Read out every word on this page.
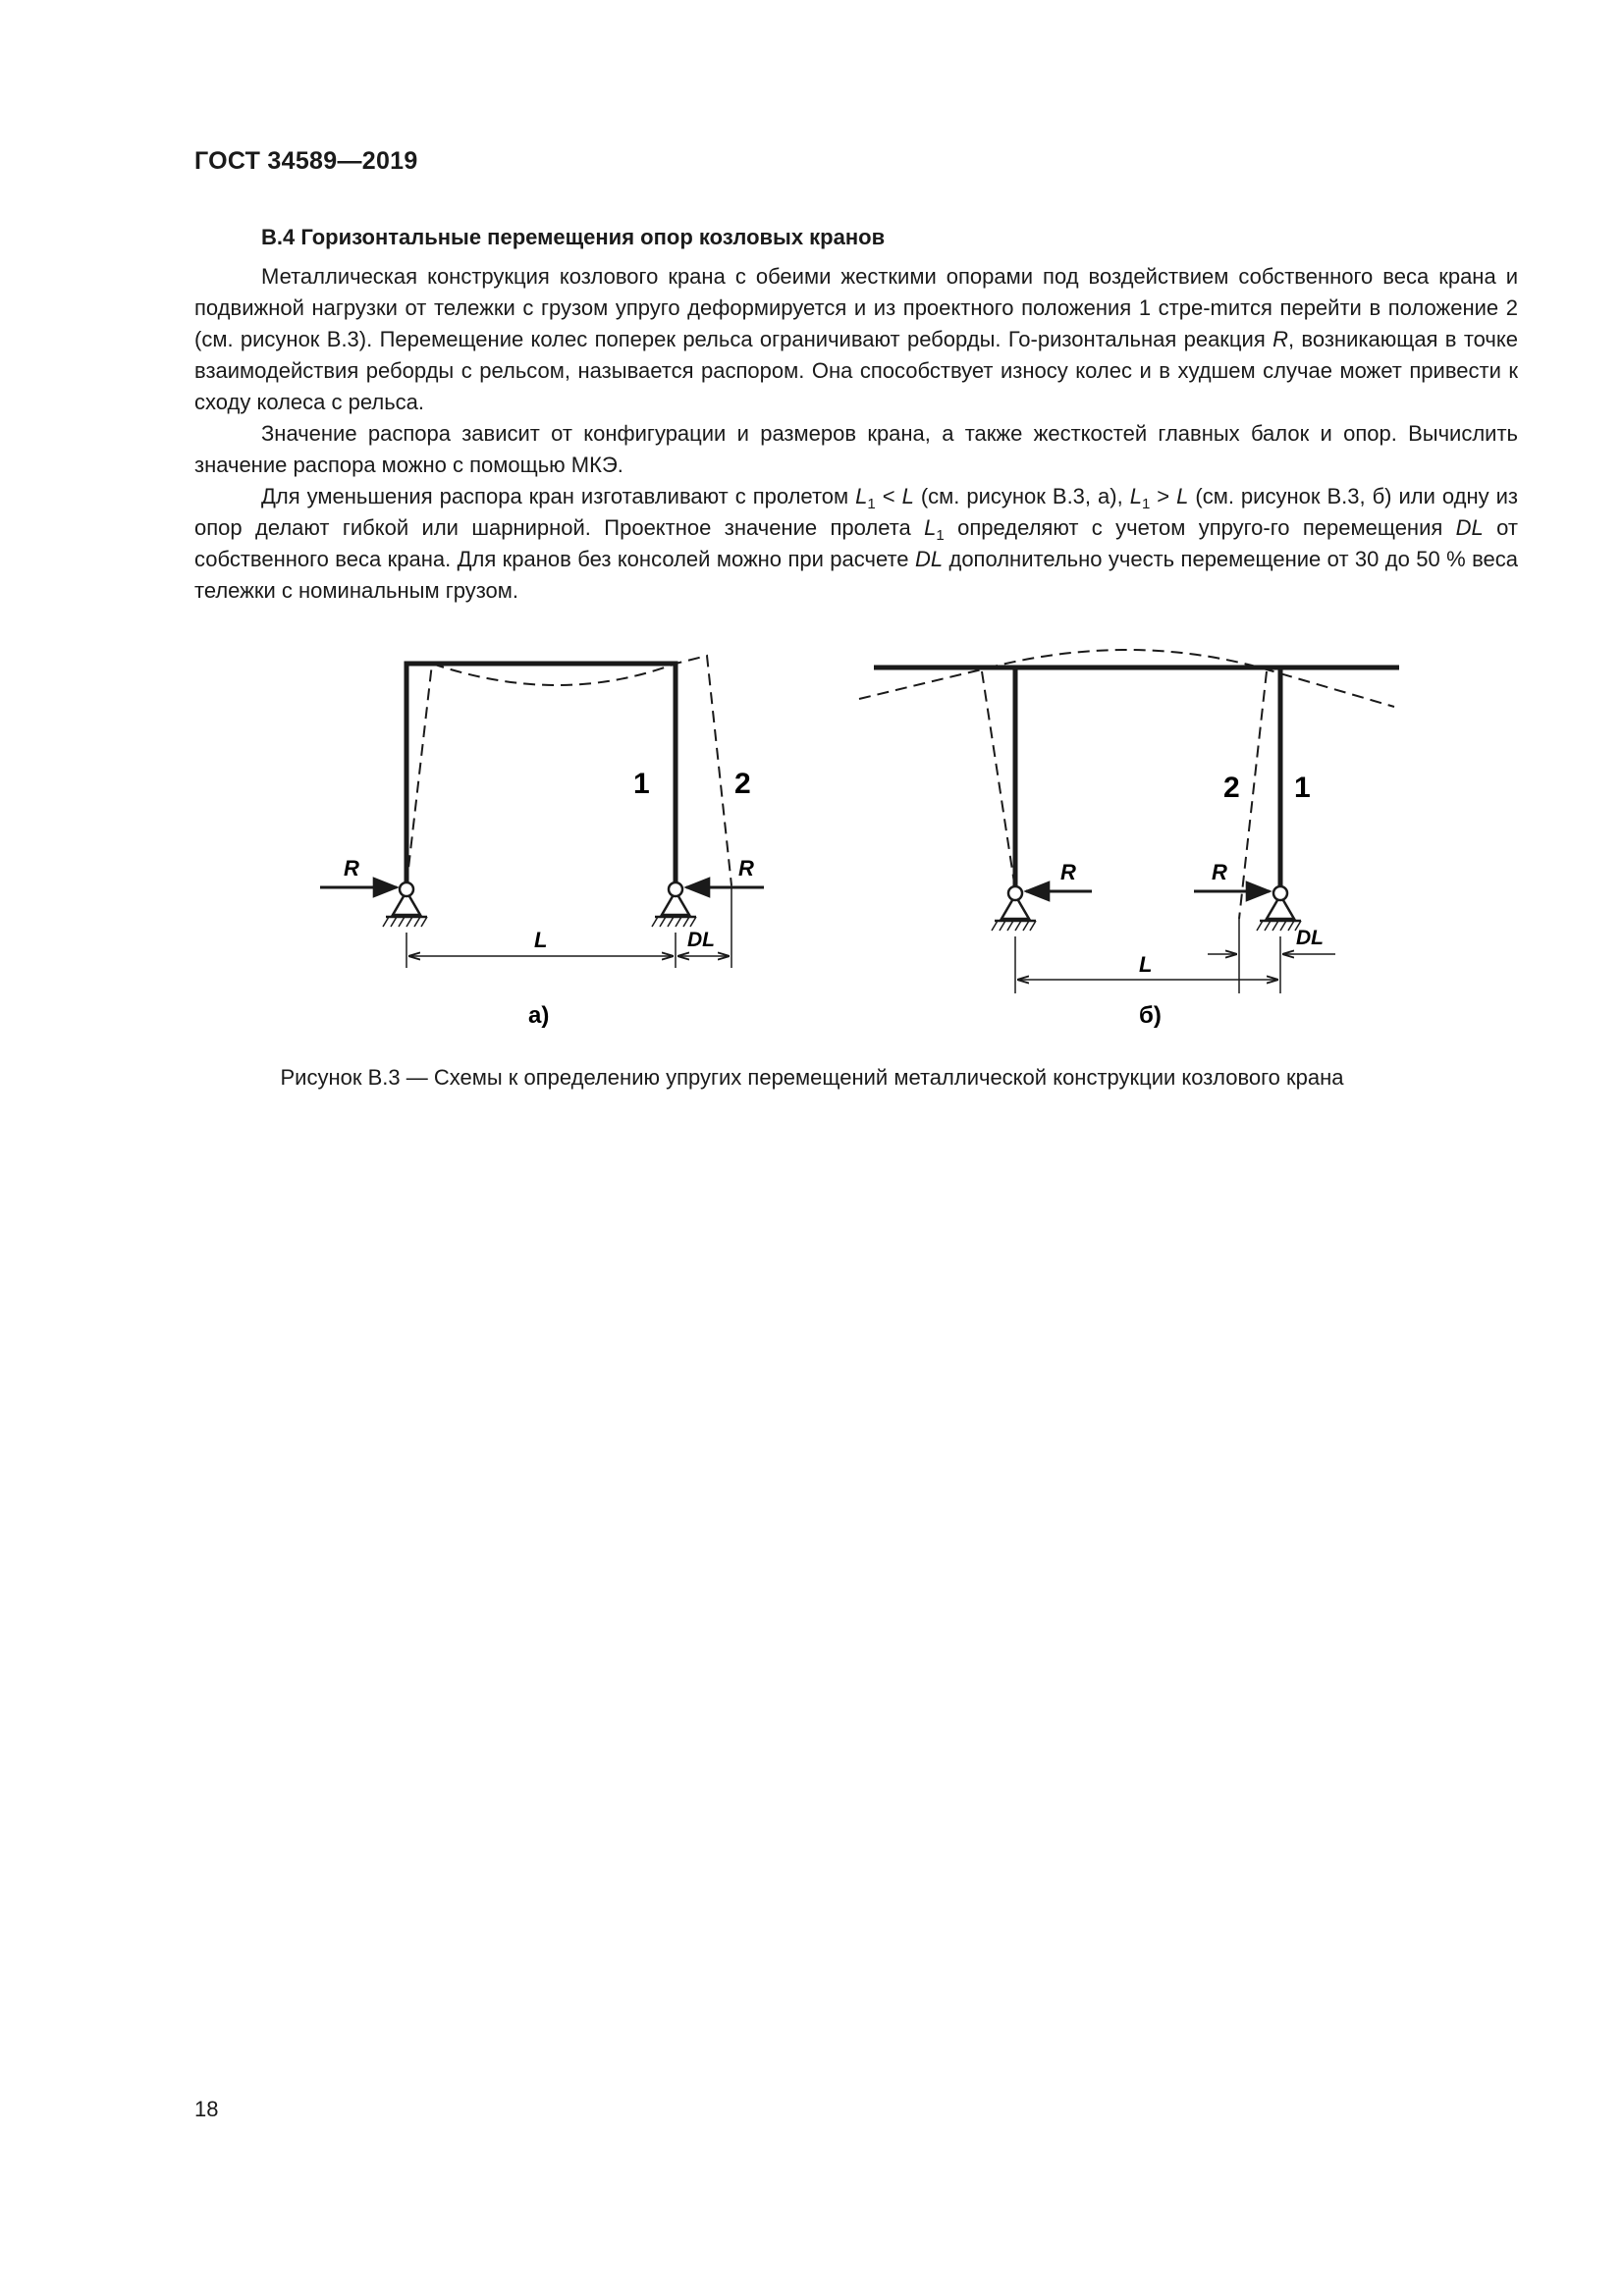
ГОСТ 34589—2019
В.4 Горизонтальные перемещения опор козловых кранов

Металлическая конструкция козлового крана с обеими жесткими опорами под воздействием собственного веса крана и подвижной нагрузки от тележки с грузом упруго деформируется и из проектного положения 1 стре-mится перейти в положение 2 (см. рисунок В.3). Перемещение колес поперек рельса ограничивают реборды. Го-ризонтальная реакция R, возникающая в точке взаимодействия реборды с рельсом, называется распором. Она способствует износу колес и в худшем случае может привести к сходу колеса с рельса.

Значение распора зависит от конфигурации и размеров крана, а также жесткостей главных балок и опор. Вычислить значение распора можно с помощью МКЭ.

Для уменьшения распора кран изготавливают с пролетом $L_1 < L$ (см. рисунок В.3, а), $L_1 > L$ (см. рисунок В.3, б) или одну из опор делают гибкой или шарнирной. Проектное значение пролета $L_1$ определяют с учетом упруго-го перемещения DL от собственного веса крана. Для кранов без консолей можно при расчете DL дополнительно учесть перемещение от 30 до 50 % веса тележки с номинальным грузом.

1	2
R	R
L	DL
а)
2 1
R	R
L
DL
б)
Рисунок В.3 — Схемы к определению упругих перемещений металлической конструкции козлового крана
18
